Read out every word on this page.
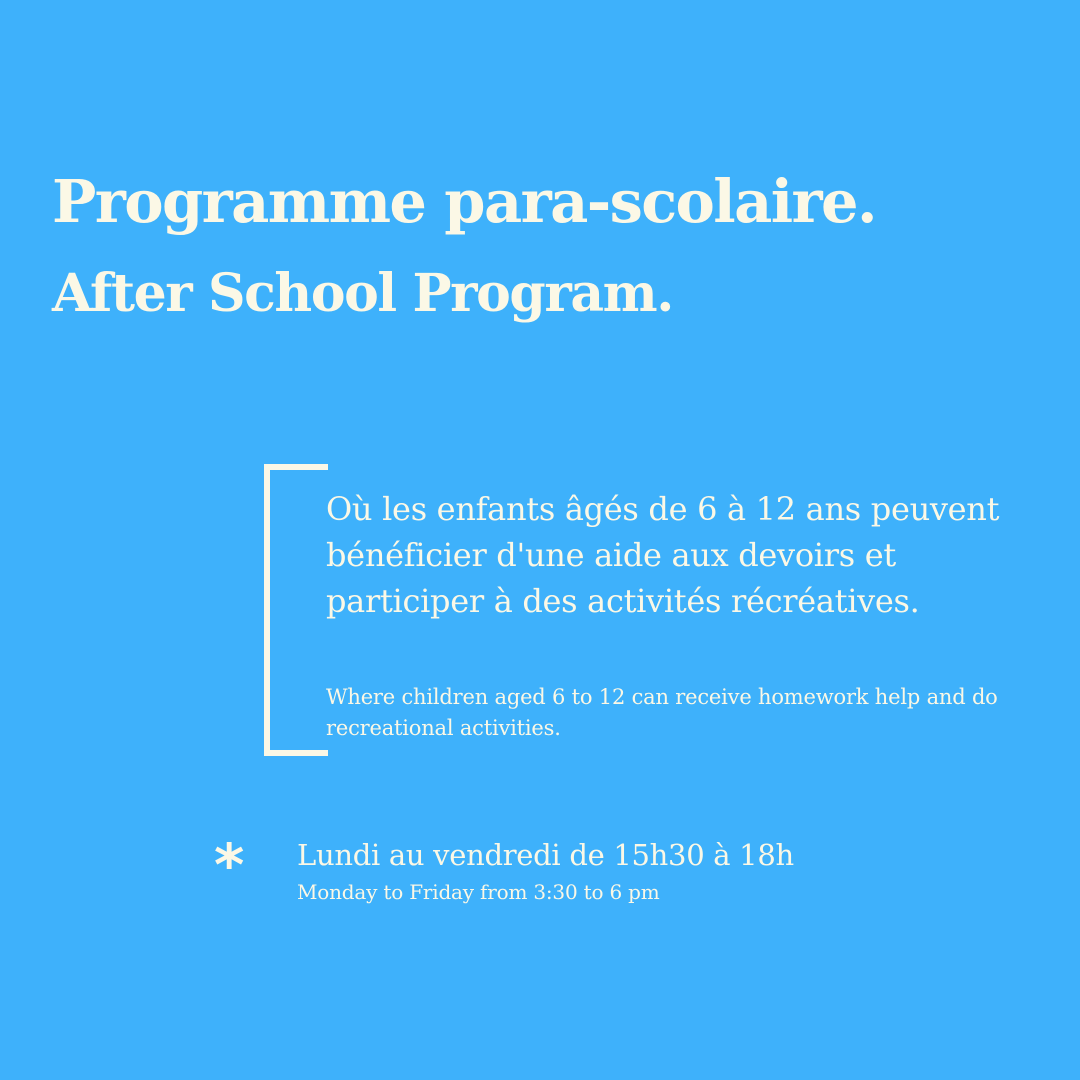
Programme para-scolaire.
After School Program.

Où les enfants âgés de 6 à 12 ans peuvent bénéficier d'une aide aux devoirs et participer à des activités récréatives.

Where children aged 6 to 12 can receive homework help and do recreational activities.

* Lundi au vendredi de 15h30 à 18h

Monday to Friday from 3:30 to 6 pm
